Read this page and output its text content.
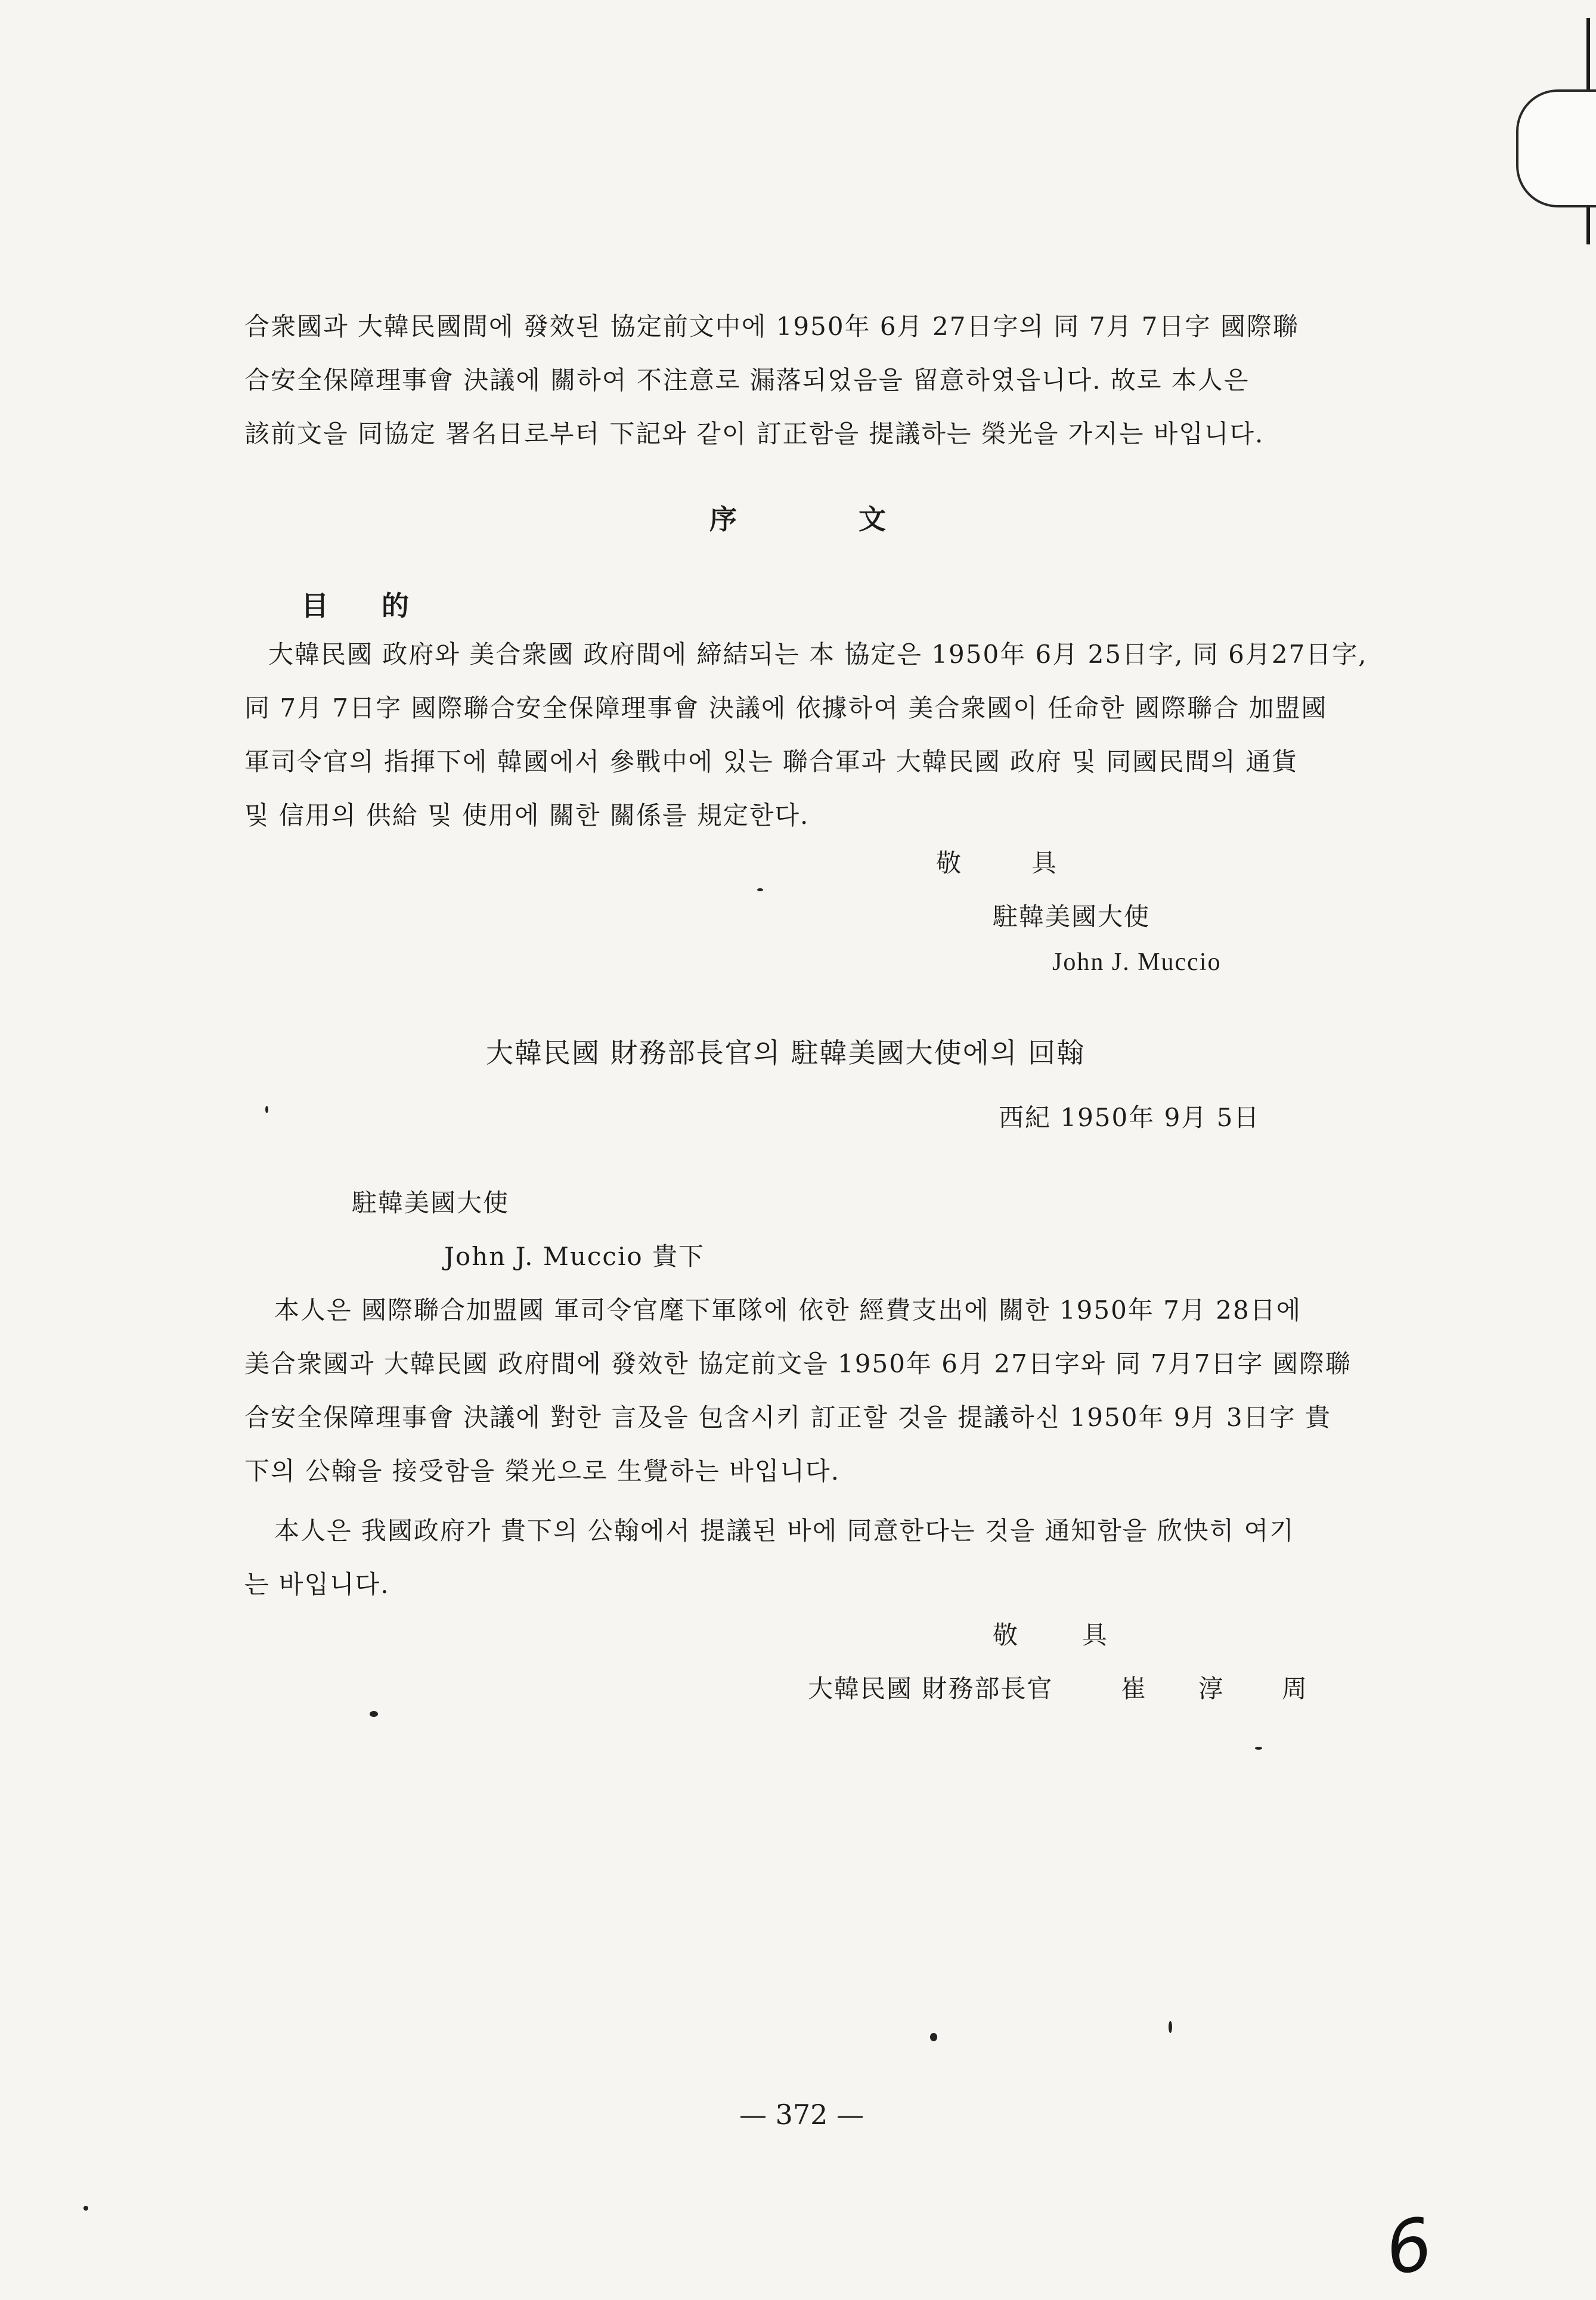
合衆國과 大韓民國間에 發效된 協定前文中에 1950年 6月 27日字의 同 7月 7日字 國際聯
合安全保障理事會 決議에 關하여 不注意로 漏落되었음을 留意하였읍니다. 故로 本人은
該前文을 同協定 署名日로부터 下記와 같이 訂正함을 提議하는 榮光을 가지는 바입니다.
序	文
目 的
大韓民國 政府와 美合衆國 政府間에 締結되는 本 協定은 1950年 6月 25日字, 同 6月27日字,
同 7月 7日字 國際聯合安全保障理事會 決議에 依據하여 美合衆國이 任命한 國際聯合 加盟國
軍司令官의 指揮下에 韓國에서 參戰中에 있는 聯合軍과 大韓民國 政府 및 同國民間의 通貨
및 信用의 供給 및 使用에 關한 關係를 規定한다.
敬	具
駐韓美國大使
John J. Muccio
大韓民國 財務部長官의 駐韓美國大使에의 回翰
西紀 1950年 9月 5日
駐韓美國大使
John J. Muccio 貴下
本人은 國際聯合加盟國 軍司令官麾下軍隊에 依한 經費支出에 關한 1950年 7月 28日에
美合衆國과 大韓民國 政府間에 發效한 協定前文을 1950年 6月 27日字와 同 7月7日字 國際聯
合安全保障理事會 決議에 對한 言及을 包含시키 訂正할 것을 提議하신 1950年 9月 3日字 貴
下의 公翰을 接受함을 榮光으로 生覺하는 바입니다.
本人은 我國政府가 貴下의 公翰에서 提議된 바에 同意한다는 것을 通知함을 欣快히 여기
는 바입니다.
敬	具
大韓民國 財務部長官	崔 淳 周
— 372 —
6
